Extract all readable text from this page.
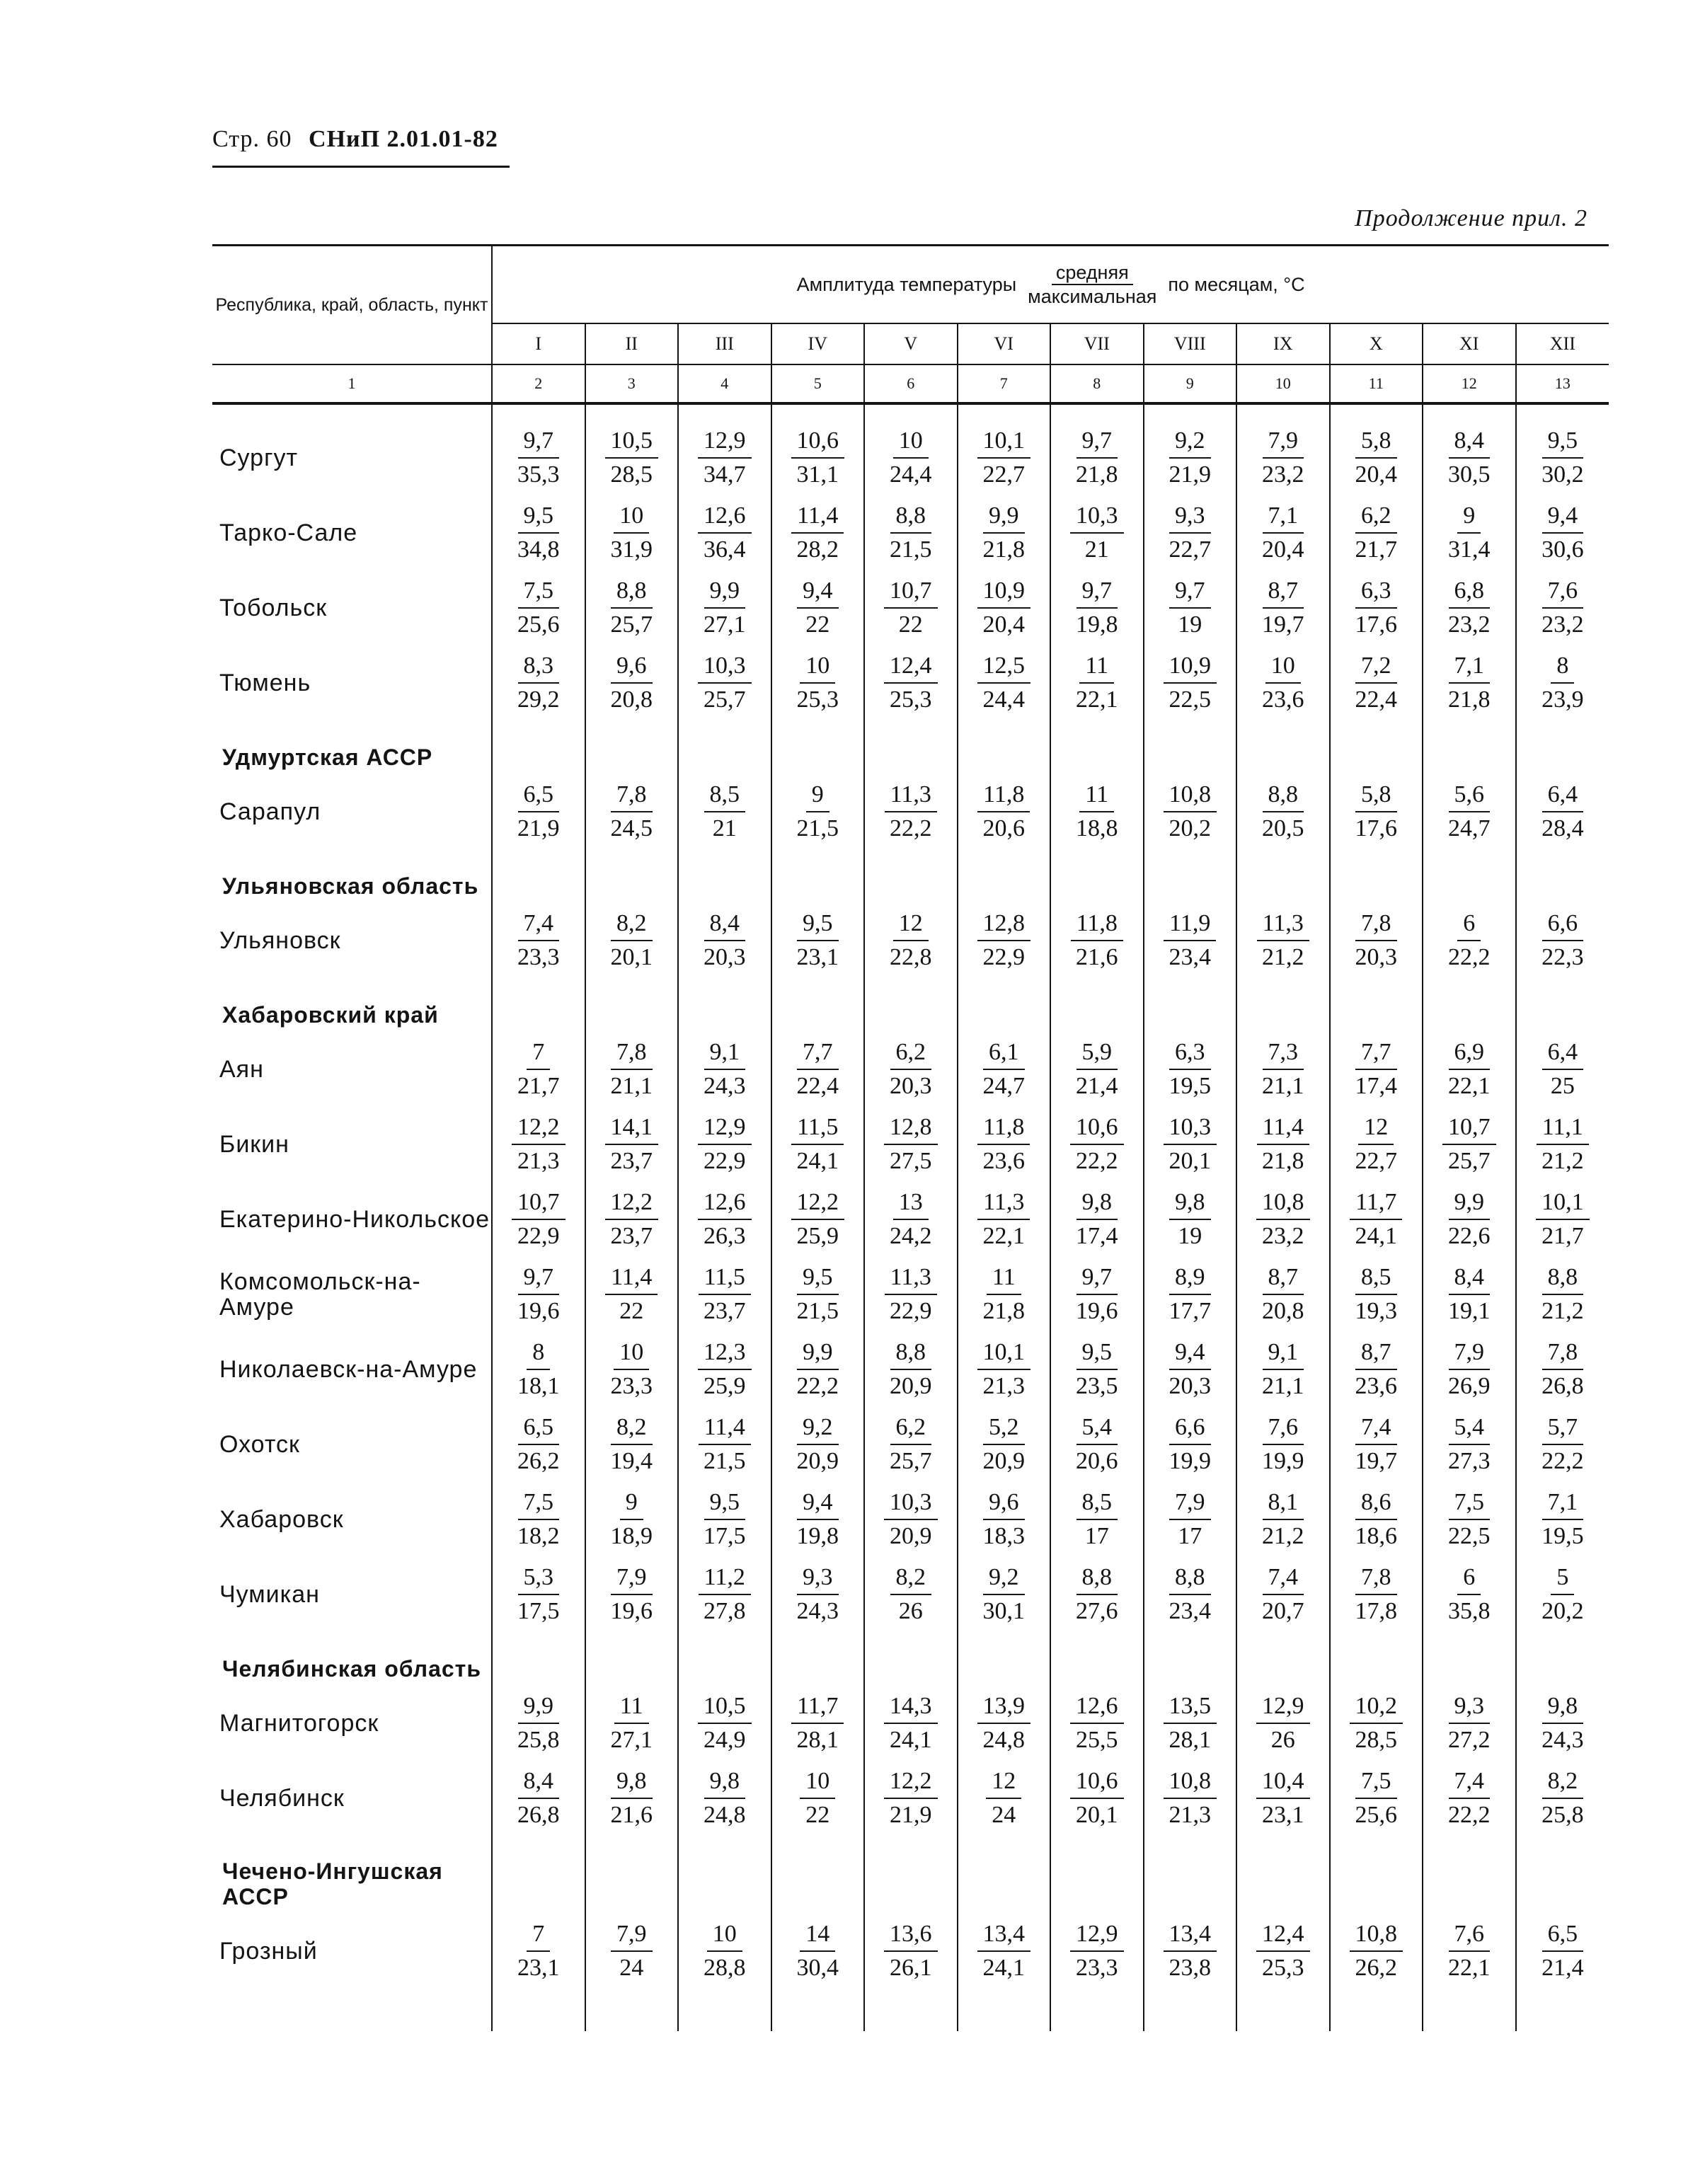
Стр. 60 СНиП 2.01.01-82
Продолжение прил. 2
Республика, край, область, пункт	Амплитуда температуры $\frac{\text{средняя}}{\text{максимальная}}$ по месяцам, °С											

	I	II	III	IV	V	VI	VII	VIII	IX	X	XI	XII
1	2	3	4	5	6	7	8	9	10	11	12	13

Сургут	$\frac{9,7}{35,3}$	$\frac{10,5}{28,5}$	$\frac{12,9}{34,7}$	$\frac{10,6}{31,1}$	$\frac{10}{24,4}$	$\frac{10,1}{22,7}$	$\frac{9,7}{21,8}$	$\frac{9,2}{21,9}$	$\frac{7,9}{23,2}$	$\frac{5,8}{20,4}$	$\frac{8,4}{30,5}$	$\frac{9,5}{30,2}$

Тарко-Сале	$\frac{9,5}{34,8}$	$\frac{10}{31,9}$	$\frac{12,6}{36,4}$	$\frac{11,4}{28,2}$	$\frac{8,8}{21,5}$	$\frac{9,9}{21,8}$	$\frac{10,3}{21}$	$\frac{9,3}{22,7}$	$\frac{7,1}{20,4}$	$\frac{6,2}{21,7}$	$\frac{9}{31,4}$	$\frac{9,4}{30,6}$

Тобольск	$\frac{7,5}{25,6}$	$\frac{8,8}{25,7}$	$\frac{9,9}{27,1}$	$\frac{9,4}{22}$	$\frac{10,7}{22}$	$\frac{10,9}{20,4}$	$\frac{9,7}{19,8}$	$\frac{9,7}{19}$	$\frac{8,7}{19,7}$	$\frac{6,3}{17,6}$	$\frac{6,8}{23,2}$	$\frac{7,6}{23,2}$

Тюмень	$\frac{8,3}{29,2}$	$\frac{9,6}{20,8}$	$\frac{10,3}{25,7}$	$\frac{10}{25,3}$	$\frac{12,4}{25,3}$	$\frac{12,5}{24,4}$	$\frac{11}{22,1}$	$\frac{10,9}{22,5}$	$\frac{10}{23,6}$	$\frac{7,2}{22,4}$	$\frac{7,1}{21,8}$	$\frac{8}{23,9}$

Удмуртская АССР												
Сарапул	$\frac{6,5}{21,9}$	$\frac{7,8}{24,5}$	$\frac{8,5}{21}$	$\frac{9}{21,5}$	$\frac{11,3}{22,2}$	$\frac{11,8}{20,6}$	$\frac{11}{18,8}$	$\frac{10,8}{20,2}$	$\frac{8,8}{20,5}$	$\frac{5,8}{17,6}$	$\frac{5,6}{24,7}$	$\frac{6,4}{28,4}$

Ульяновская область												
Ульяновск	$\frac{7,4}{23,3}$	$\frac{8,2}{20,1}$	$\frac{8,4}{20,3}$	$\frac{9,5}{23,1}$	$\frac{12}{22,8}$	$\frac{12,8}{22,9}$	$\frac{11,8}{21,6}$	$\frac{11,9}{23,4}$	$\frac{11,3}{21,2}$	$\frac{7,8}{20,3}$	$\frac{6}{22,2}$	$\frac{6,6}{22,3}$

Хабаровский край												
Аян	$\frac{7}{21,7}$	$\frac{7,8}{21,1}$	$\frac{9,1}{24,3}$	$\frac{7,7}{22,4}$	$\frac{6,2}{20,3}$	$\frac{6,1}{24,7}$	$\frac{5,9}{21,4}$	$\frac{6,3}{19,5}$	$\frac{7,3}{21,1}$	$\frac{7,7}{17,4}$	$\frac{6,9}{22,1}$	$\frac{6,4}{25}$

Бикин	$\frac{12,2}{21,3}$	$\frac{14,1}{23,7}$	$\frac{12,9}{22,9}$	$\frac{11,5}{24,1}$	$\frac{12,8}{27,5}$	$\frac{11,8}{23,6}$	$\frac{10,6}{22,2}$	$\frac{10,3}{20,1}$	$\frac{11,4}{21,8}$	$\frac{12}{22,7}$	$\frac{10,7}{25,7}$	$\frac{11,1}{21,2}$

Екатерино-Никольское	$\frac{10,7}{22,9}$	$\frac{12,2}{23,7}$	$\frac{12,6}{26,3}$	$\frac{12,2}{25,9}$	$\frac{13}{24,2}$	$\frac{11,3}{22,1}$	$\frac{9,8}{17,4}$	$\frac{9,8}{19}$	$\frac{10,8}{23,2}$	$\frac{11,7}{24,1}$	$\frac{9,9}{22,6}$	$\frac{10,1}{21,7}$

Комсомольск-на-Амуре	$\frac{9,7}{19,6}$	$\frac{11,4}{22}$	$\frac{11,5}{23,7}$	$\frac{9,5}{21,5}$	$\frac{11,3}{22,9}$	$\frac{11}{21,8}$	$\frac{9,7}{19,6}$	$\frac{8,9}{17,7}$	$\frac{8,7}{20,8}$	$\frac{8,5}{19,3}$	$\frac{8,4}{19,1}$	$\frac{8,8}{21,2}$

Николаевск-на-Амуре	$\frac{8}{18,1}$	$\frac{10}{23,3}$	$\frac{12,3}{25,9}$	$\frac{9,9}{22,2}$	$\frac{8,8}{20,9}$	$\frac{10,1}{21,3}$	$\frac{9,5}{23,5}$	$\frac{9,4}{20,3}$	$\frac{9,1}{21,1}$	$\frac{8,7}{23,6}$	$\frac{7,9}{26,9}$	$\frac{7,8}{26,8}$

Охотск	$\frac{6,5}{26,2}$	$\frac{8,2}{19,4}$	$\frac{11,4}{21,5}$	$\frac{9,2}{20,9}$	$\frac{6,2}{25,7}$	$\frac{5,2}{20,9}$	$\frac{5,4}{20,6}$	$\frac{6,6}{19,9}$	$\frac{7,6}{19,9}$	$\frac{7,4}{19,7}$	$\frac{5,4}{27,3}$	$\frac{5,7}{22,2}$

Хабаровск	$\frac{7,5}{18,2}$	$\frac{9}{18,9}$	$\frac{9,5}{17,5}$	$\frac{9,4}{19,8}$	$\frac{10,3}{20,9}$	$\frac{9,6}{18,3}$	$\frac{8,5}{17}$	$\frac{7,9}{17}$	$\frac{8,1}{21,2}$	$\frac{8,6}{18,6}$	$\frac{7,5}{22,5}$	$\frac{7,1}{19,5}$

Чумикан	$\frac{5,3}{17,5}$	$\frac{7,9}{19,6}$	$\frac{11,2}{27,8}$	$\frac{9,3}{24,3}$	$\frac{8,2}{26}$	$\frac{9,2}{30,1}$	$\frac{8,8}{27,6}$	$\frac{8,8}{23,4}$	$\frac{7,4}{20,7}$	$\frac{7,8}{17,8}$	$\frac{6}{35,8}$	$\frac{5}{20,2}$

Челябинская область												
Магнитогорск	$\frac{9,9}{25,8}$	$\frac{11}{27,1}$	$\frac{10,5}{24,9}$	$\frac{11,7}{28,1}$	$\frac{14,3}{24,1}$	$\frac{13,9}{24,8}$	$\frac{12,6}{25,5}$	$\frac{13,5}{28,1}$	$\frac{12,9}{26}$	$\frac{10,2}{28,5}$	$\frac{9,3}{27,2}$	$\frac{9,8}{24,3}$

Челябинск	$\frac{8,4}{26,8}$	$\frac{9,8}{21,6}$	$\frac{9,8}{24,8}$	$\frac{10}{22}$	$\frac{12,2}{21,9}$	$\frac{12}{24}$	$\frac{10,6}{20,1}$	$\frac{10,8}{21,3}$	$\frac{10,4}{23,1}$	$\frac{7,5}{25,6}$	$\frac{7,4}{22,2}$	$\frac{8,2}{25,8}$

Чечено-Ингушская АССР												
Грозный	$\frac{7}{23,1}$	$\frac{7,9}{24}$	$\frac{10}{28,8}$	$\frac{14}{30,4}$	$\frac{13,6}{26,1}$	$\frac{13,4}{24,1}$	$\frac{12,9}{23,3}$	$\frac{13,4}{23,8}$	$\frac{12,4}{25,3}$	$\frac{10,8}{26,2}$	$\frac{7,6}{22,1}$	$\frac{6,5}{21,4}$
